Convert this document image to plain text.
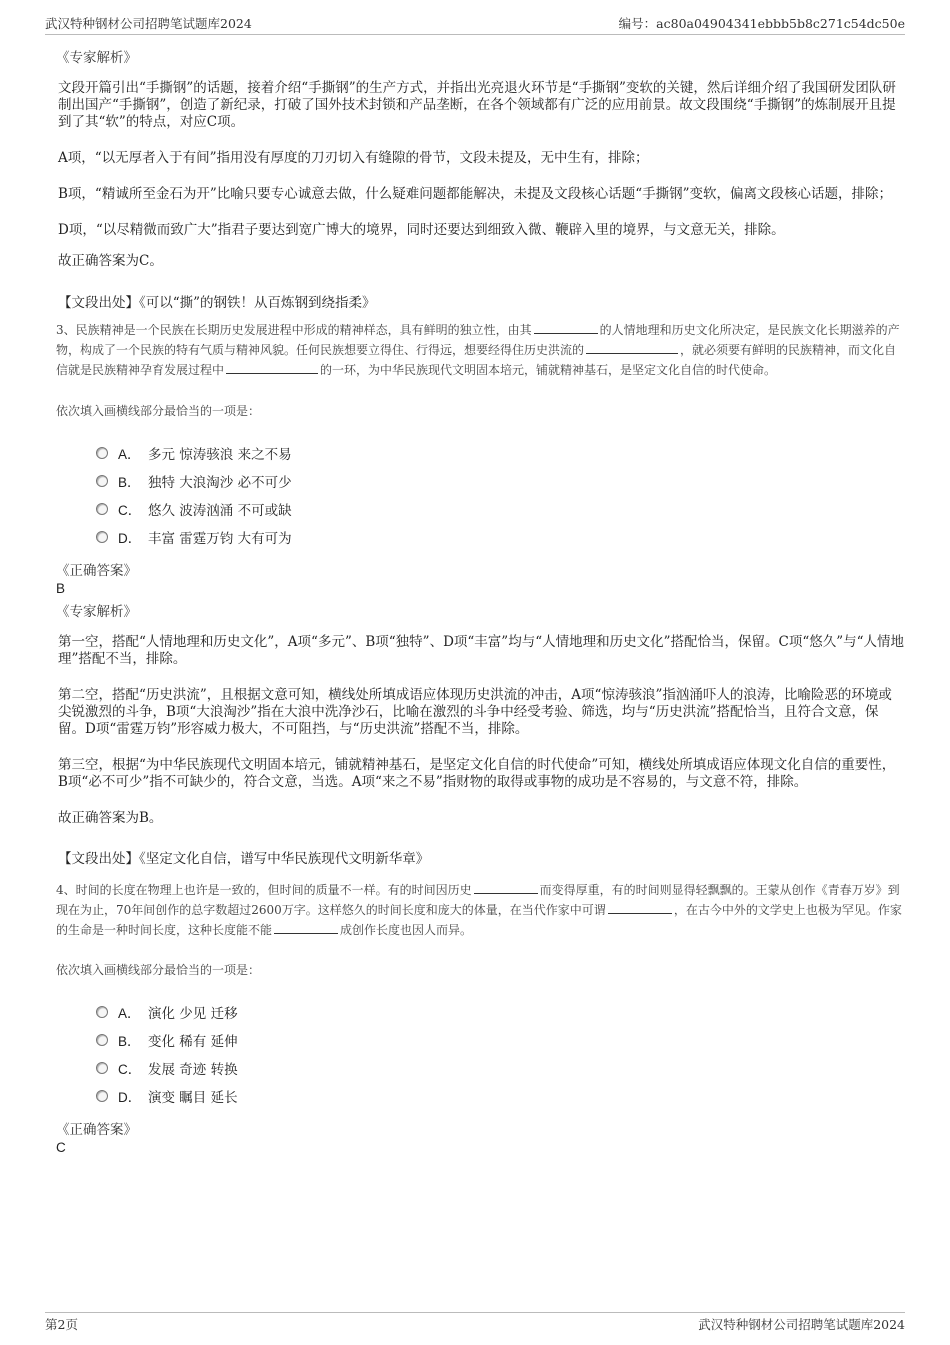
武汉特种钢材公司招聘笔试题库2024	编号：ac80a04904341ebbb5b8c271c54dc50e
《专家解析》
文段开篇引出“手撕钢”的话题，接着介绍“手撕钢”的生产方式，并指出光亮退火环节是“手撕钢”变软的关键，然后详细介绍了我国研发团队研制出国产“手撕钢”，创造了新纪录，打破了国外技术封锁和产品垄断，在各个领域都有广泛的应用前景。故文段围绕“手撕钢”的炼制展开且提到了其“软”的特点，对应C项。
A项，“以无厚者入于有间”指用没有厚度的刀刃切入有缝隙的骨节，文段未提及，无中生有，排除；
B项，“精诚所至金石为开”比喻只要专心诚意去做，什么疑难问题都能解决，未提及文段核心话题“手撕钢”变软，偏离文段核心话题，排除；
D项，“以尽精微而致广大”指君子要达到宽广博大的境界，同时还要达到细致入微、鞭辟入里的境界，与文意无关，排除。
故正确答案为C。
【文段出处】《可以“撕”的钢铁！从百炼钢到绕指柔》
3、民族精神是一个民族在长期历史发展进程中形成的精神样态，具有鲜明的独立性，由其	的人情地理和历史文化所决定，是民族文化长期滋养的产物，构成了一个民族的特有气质与精神风貌。任何民族想要立得住、行得远，想要经得住历史洪流的	，就必须要有鲜明的民族精神，而文化自信就是民族精神孕育发展过程中	的一环，为中华民族现代文明固本培元，铺就精神基石，是坚定文化自信的时代使命。
依次填入画横线部分最恰当的一项是：
A． 多元 惊涛骇浪 来之不易
B． 独特 大浪淘沙 必不可少
C． 悠久 波涛汹涌 不可或缺
D． 丰富 雷霆万钧 大有可为
《正确答案》
B
《专家解析》
第一空，搭配“人情地理和历史文化”，A项“多元”、B项“独特”、D项“丰富”均与“人情地理和历史文化”搭配恰当，保留。C项“悠久”与“人情地理”搭配不当，排除。
第二空，搭配“历史洪流”，且根据文意可知，横线处所填成语应体现历史洪流的冲击，A项“惊涛骇浪”指汹涌吓人的浪涛，比喻险恶的环境或尖锐激烈的斗争，B项“大浪淘沙”指在大浪中洗净沙石，比喻在激烈的斗争中经受考验、筛选，均与“历史洪流”搭配恰当，且符合文意，保留。D项“雷霆万钧”形容威力极大，不可阻挡，与“历史洪流”搭配不当，排除。
第三空，根据“为中华民族现代文明固本培元，铺就精神基石，是坚定文化自信的时代使命”可知，横线处所填成语应体现文化自信的重要性，B项“必不可少”指不可缺少的，符合文意，当选。A项“来之不易”指财物的取得或事物的成功是不容易的，与文意不符，排除。
故正确答案为B。
【文段出处】《坚定文化自信，谱写中华民族现代文明新华章》
4、时间的长度在物理上也许是一致的，但时间的质量不一样。有的时间因历史	而变得厚重，有的时间则显得轻飘飘的。王蒙从创作《青春万岁》到现在为止，70年间创作的总字数超过2600万字。这样悠久的时间长度和庞大的体量，在当代作家中可谓	，在古今中外的文学史上也极为罕见。作家的生命是一种时间长度，这种长度能不能	成创作长度也因人而异。
依次填入画横线部分最恰当的一项是：
A． 演化 少见 迁移
B． 变化 稀有 延伸
C． 发展 奇迹 转换
D． 演变 瞩目 延长
《正确答案》
C
第2页	武汉特种钢材公司招聘笔试题库2024
